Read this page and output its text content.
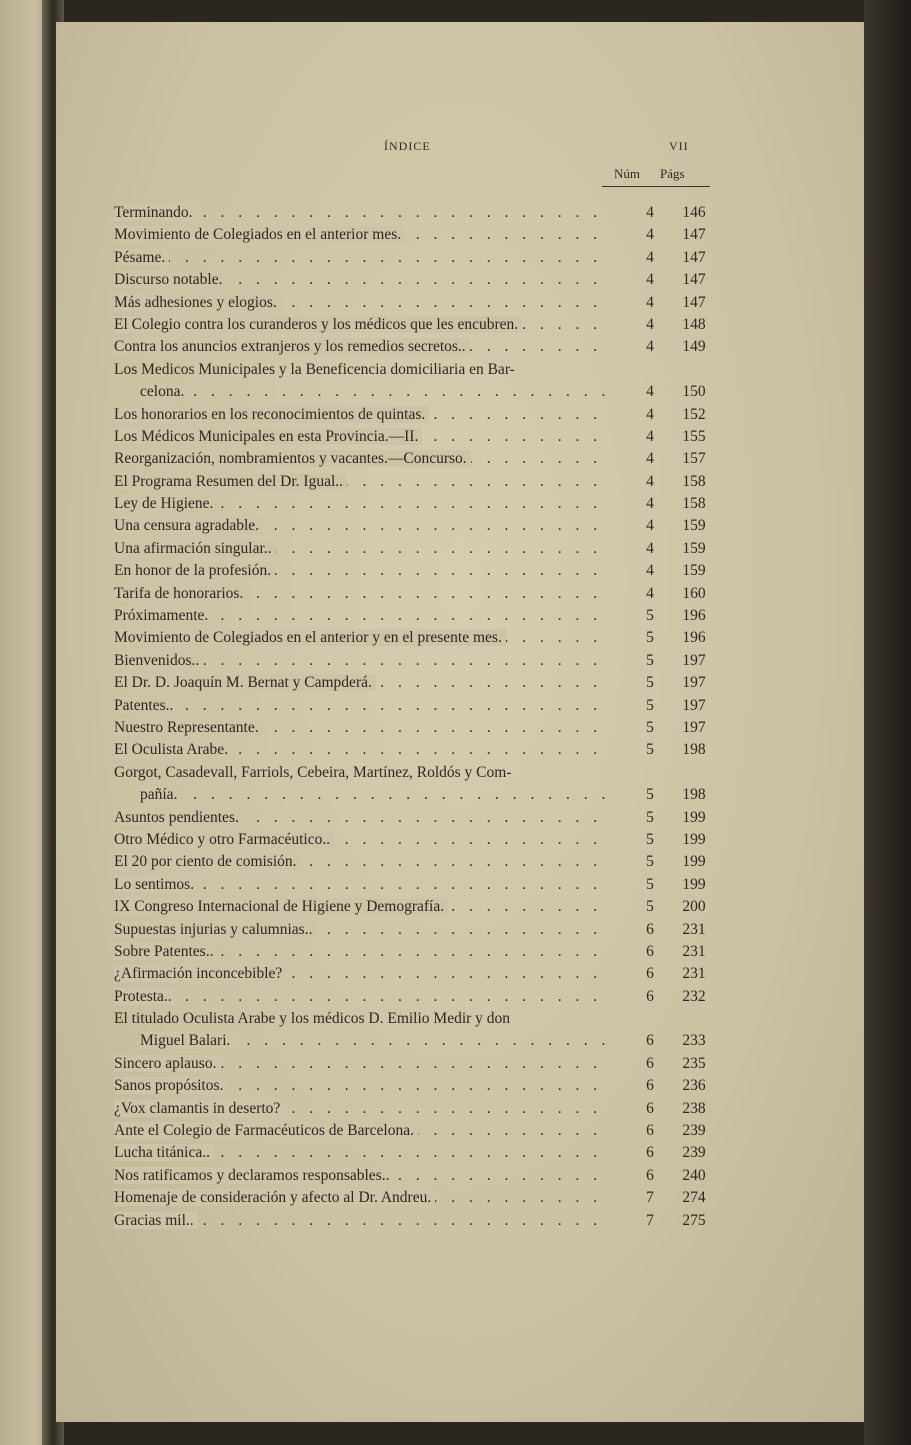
ÍNDICE	VII
Núm Págs
Terminando. . . .	4	146
Movimiento de Colegiados en el anterior mes. . . .	4	147
Pésame. . . .	4	147
Discurso notable. . . .	4	147
Más adhesiones y elogios. . . .	4	147
El Colegio contra los curanderos y los médicos que les encubren. . . .	4	148
Contra los anuncios extranjeros y los remedios secretos.. . . .	4	149
Los Medicos Municipales y la Beneficencia domiciliaria en Bar-
celona. . . .	4	150
Los honorarios en los reconocimientos de quintas. . . .	4	152
Los Médicos Municipales en esta Provincia.—II. . . .	4	155
Reorganización, nombramientos y vacantes.—Concurso. . . .	4	157
El Programa Resumen del Dr. Igual.. . . .	4	158
Ley de Higiene. . . .	4	158
Una censura agradable. . . .	4	159
Una afirmación singular.. . . .	4	159
En honor de la profesión. . . .	4	159
Tarifa de honorarios. . . .	4	160
Próximamente. . . .	5	196
Movimiento de Colegiados en el anterior y en el presente mes. . . .	5	196
Bienvenidos.. . . .	5	197
El Dr. D. Joaquín M. Bernat y Campderá. . . .	5	197
Patentes.. . . .	5	197
Nuestro Representante. . . .	5	197
El Oculista Arabe. . . .	5	198
Gorgot, Casadevall, Farriols, Cebeira, Martínez, Roldós y Com-
pañía. . . .	5	198
Asuntos pendientes. . . .	5	199
Otro Médico y otro Farmacéutico.. . . .	5	199
El 20 por ciento de comisión. . . .	5	199
Lo sentimos. . . .	5	199
IX Congreso Internacional de Higiene y Demografía. . . .	5	200
Supuestas injurias y calumnias.. . . .	6	231
Sobre Patentes.. . . .	6	231
¿Afirmación inconcebible? . . .	6	231
Protesta.. . . .	6	232
El titulado Oculista Arabe y los médicos D. Emilio Medir y don
Miguel Balari. . . .	6	233
Sincero aplauso. . . .	6	235
Sanos propósitos. . . .	6	236
¿Vox clamantis in deserto? . . .	6	238
Ante el Colegio de Farmacéuticos de Barcelona. . . .	6	239
Lucha titánica.. . . .	6	239
Nos ratificamos y declaramos responsables.. . . .	6	240
Homenaje de consideración y afecto al Dr. Andreu. . . .	7	274
Gracias mil.. . . .	7	275
